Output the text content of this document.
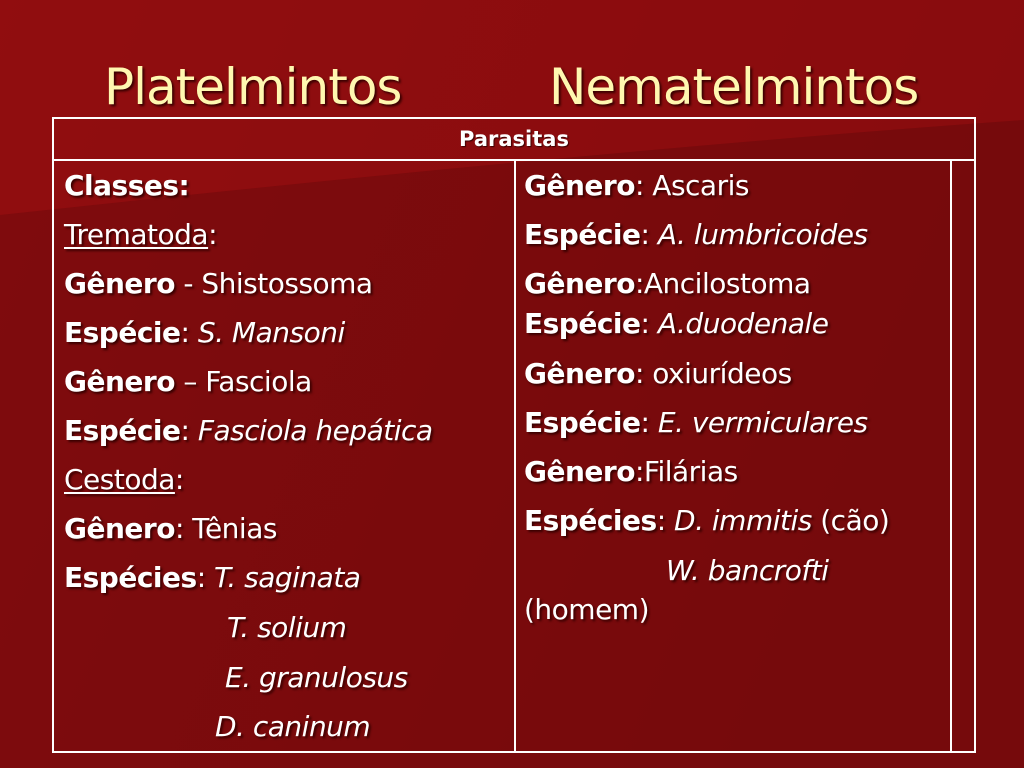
Platelmintos	Nematelmintos
Parasitas
Classes:
Trematoda:
Gênero - Shistossoma
Espécie: S. Mansoni
Gênero – Fasciola
Espécie: Fasciola hepática
Cestoda:
Gênero: Tênias
Espécies: T. saginata
T. solium
E. granulosus
D. caninum
Gênero: Ascaris
Espécie: A. lumbricoides
Gênero:Ancilostoma
Espécie: A.duodenale
Gênero: oxiurídeos
Espécie: E. vermiculares
Gênero:Filárias
Espécies: D. immitis (cão)
W. bancrofti
(homem)
